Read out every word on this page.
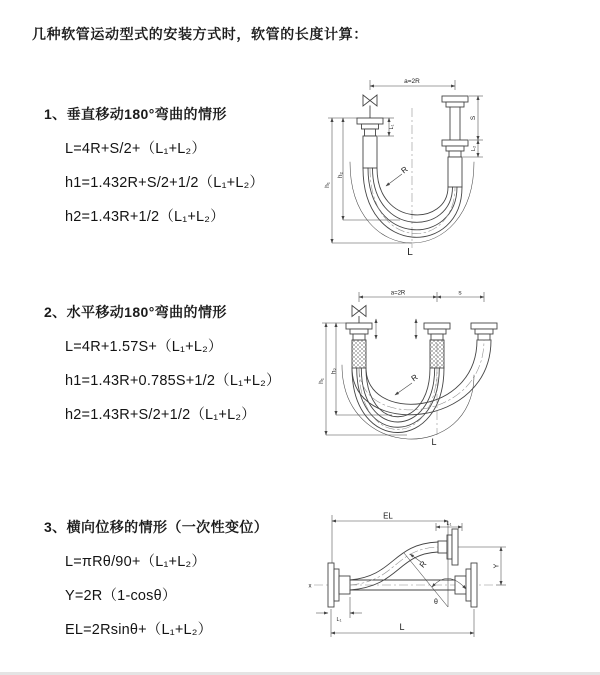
几种软管运动型式的安装方式时，软管的长度计算：
1、垂直移动180°弯曲的情形
L=4R+S/2+（L₁+L₂）
h1=1.432R+S/2+1/2（L₁+L₂）
h2=1.43R+1/2（L₁+L₂）
a=2R
h₁
h₂
L₁
S
L₂
R
L
2、水平移动180°弯曲的情形
L=4R+1.57S+（L₁+L₂）
h1=1.43R+0.785S+1/2（L₁+L₂）
h2=1.43R+S/2+1/2（L₁+L₂）
a=2R	s
h₁
h₂
R
L
3、横向位移的情形（一次性变位）
L=πRθ/90+（L₁+L₂）
Y=2R（1-cosθ）
EL=2Rsinθ+（L₁+L₂）
EL
L₁
Y
R
θ
L
L₁
x
